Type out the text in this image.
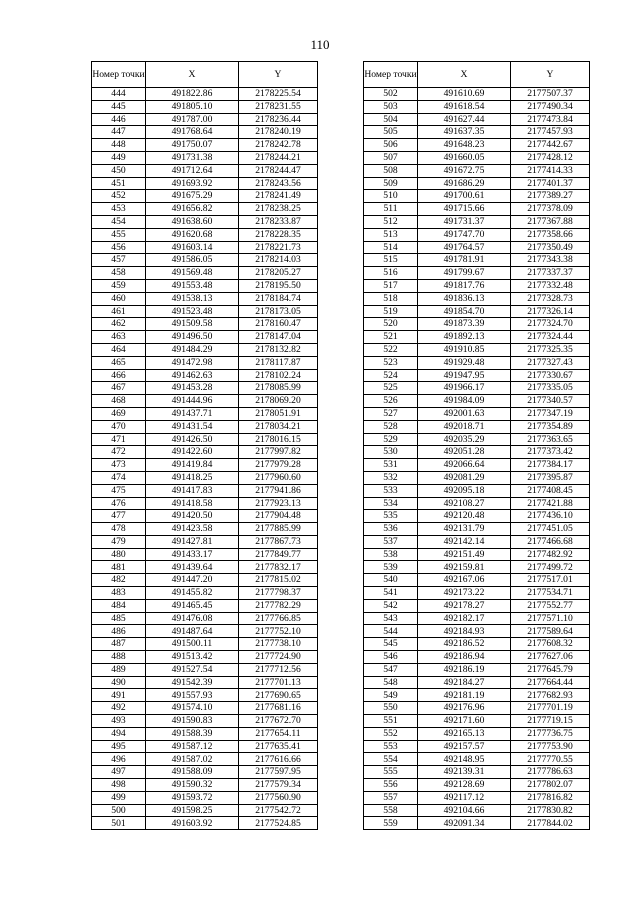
110
Номер точки	X	Y
444	491822.86	2178225.54
445	491805.10	2178231.55
446	491787.00	2178236.44
447	491768.64	2178240.19
448	491750.07	2178242.78
449	491731.38	2178244.21
450	491712.64	2178244.47
451	491693.92	2178243.56
452	491675.29	2178241.49
453	491656.82	2178238.25
454	491638.60	2178233.87
455	491620.68	2178228.35
456	491603.14	2178221.73
457	491586.05	2178214.03
458	491569.48	2178205.27
459	491553.48	2178195.50
460	491538.13	2178184.74
461	491523.48	2178173.05
462	491509.58	2178160.47
463	491496.50	2178147.04
464	491484.29	2178132.82
465	491472.98	2178117.87
466	491462.63	2178102.24
467	491453.28	2178085.99
468	491444.96	2178069.20
469	491437.71	2178051.91
470	491431.54	2178034.21
471	491426.50	2178016.15
472	491422.60	2177997.82
473	491419.84	2177979.28
474	491418.25	2177960.60
475	491417.83	2177941.86
476	491418.58	2177923.13
477	491420.50	2177904.48
478	491423.58	2177885.99
479	491427.81	2177867.73
480	491433.17	2177849.77
481	491439.64	2177832.17
482	491447.20	2177815.02
483	491455.82	2177798.37
484	491465.45	2177782.29
485	491476.08	2177766.85
486	491487.64	2177752.10
487	491500.11	2177738.10
488	491513.42	2177724.90
489	491527.54	2177712.56
490	491542.39	2177701.13
491	491557.93	2177690.65
492	491574.10	2177681.16
493	491590.83	2177672.70
494	491588.39	2177654.11
495	491587.12	2177635.41
496	491587.02	2177616.66
497	491588.09	2177597.95
498	491590.32	2177579.34
499	491593.72	2177560.90
500	491598.25	2177542.72
501	491603.92	2177524.85
Номер точки	X	Y
502	491610.69	2177507.37
503	491618.54	2177490.34
504	491627.44	2177473.84
505	491637.35	2177457.93
506	491648.23	2177442.67
507	491660.05	2177428.12
508	491672.75	2177414.33
509	491686.29	2177401.37
510	491700.61	2177389.27
511	491715.66	2177378.09
512	491731.37	2177367.88
513	491747.70	2177358.66
514	491764.57	2177350.49
515	491781.91	2177343.38
516	491799.67	2177337.37
517	491817.76	2177332.48
518	491836.13	2177328.73
519	491854.70	2177326.14
520	491873.39	2177324.70
521	491892.13	2177324.44
522	491910.85	2177325.35
523	491929.48	2177327.43
524	491947.95	2177330.67
525	491966.17	2177335.05
526	491984.09	2177340.57
527	492001.63	2177347.19
528	492018.71	2177354.89
529	492035.29	2177363.65
530	492051.28	2177373.42
531	492066.64	2177384.17
532	492081.29	2177395.87
533	492095.18	2177408.45
534	492108.27	2177421.88
535	492120.48	2177436.10
536	492131.79	2177451.05
537	492142.14	2177466.68
538	492151.49	2177482.92
539	492159.81	2177499.72
540	492167.06	2177517.01
541	492173.22	2177534.71
542	492178.27	2177552.77
543	492182.17	2177571.10
544	492184.93	2177589.64
545	492186.52	2177608.32
546	492186.94	2177627.06
547	492186.19	2177645.79
548	492184.27	2177664.44
549	492181.19	2177682.93
550	492176.96	2177701.19
551	492171.60	2177719.15
552	492165.13	2177736.75
553	492157.57	2177753.90
554	492148.95	2177770.55
555	492139.31	2177786.63
556	492128.69	2177802.07
557	492117.12	2177816.82
558	492104.66	2177830.82
559	492091.34	2177844.02
